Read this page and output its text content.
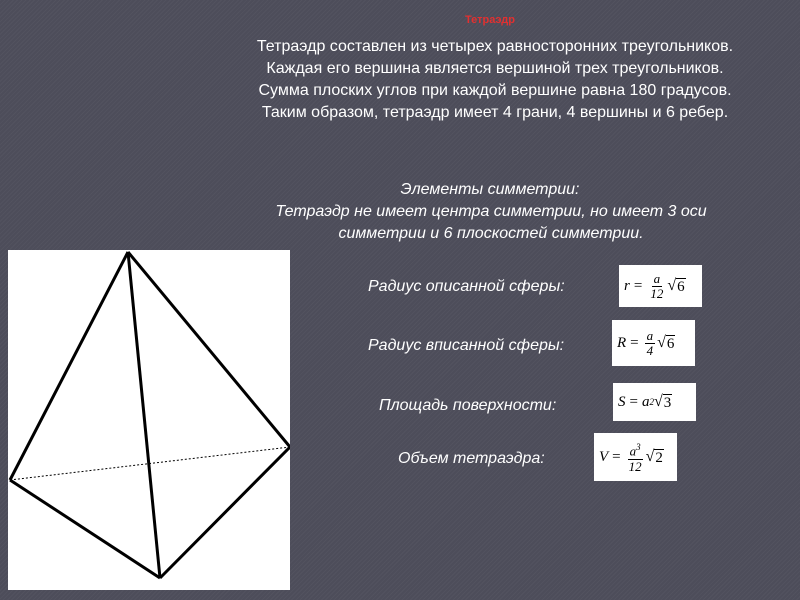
Тетраэдр
Тетраэдр составлен из четырех равносторонних треугольников. Каждая его вершина является вершиной трех треугольников. Сумма плоских углов при каждой вершине равна 180 градусов. Таким образом, тетраэдр имеет 4 грани, 4 вершины и 6 ребер.
Элементы симметрии:
Тетраэдр не имеет центра симметрии, но имеет 3 оси симметрии и 6 плоскостей симметрии.
Радиус описанной сферы:	$r = \frac{a}{12}$ √ 6
Радиус вписанной сферы:	$R = \frac{a}{4}$ √ 6
Площадь поверхности:	S = a 2 √ 3
Объем тетраэдра:	$V = \frac{a^3}{12}$ √ 2
